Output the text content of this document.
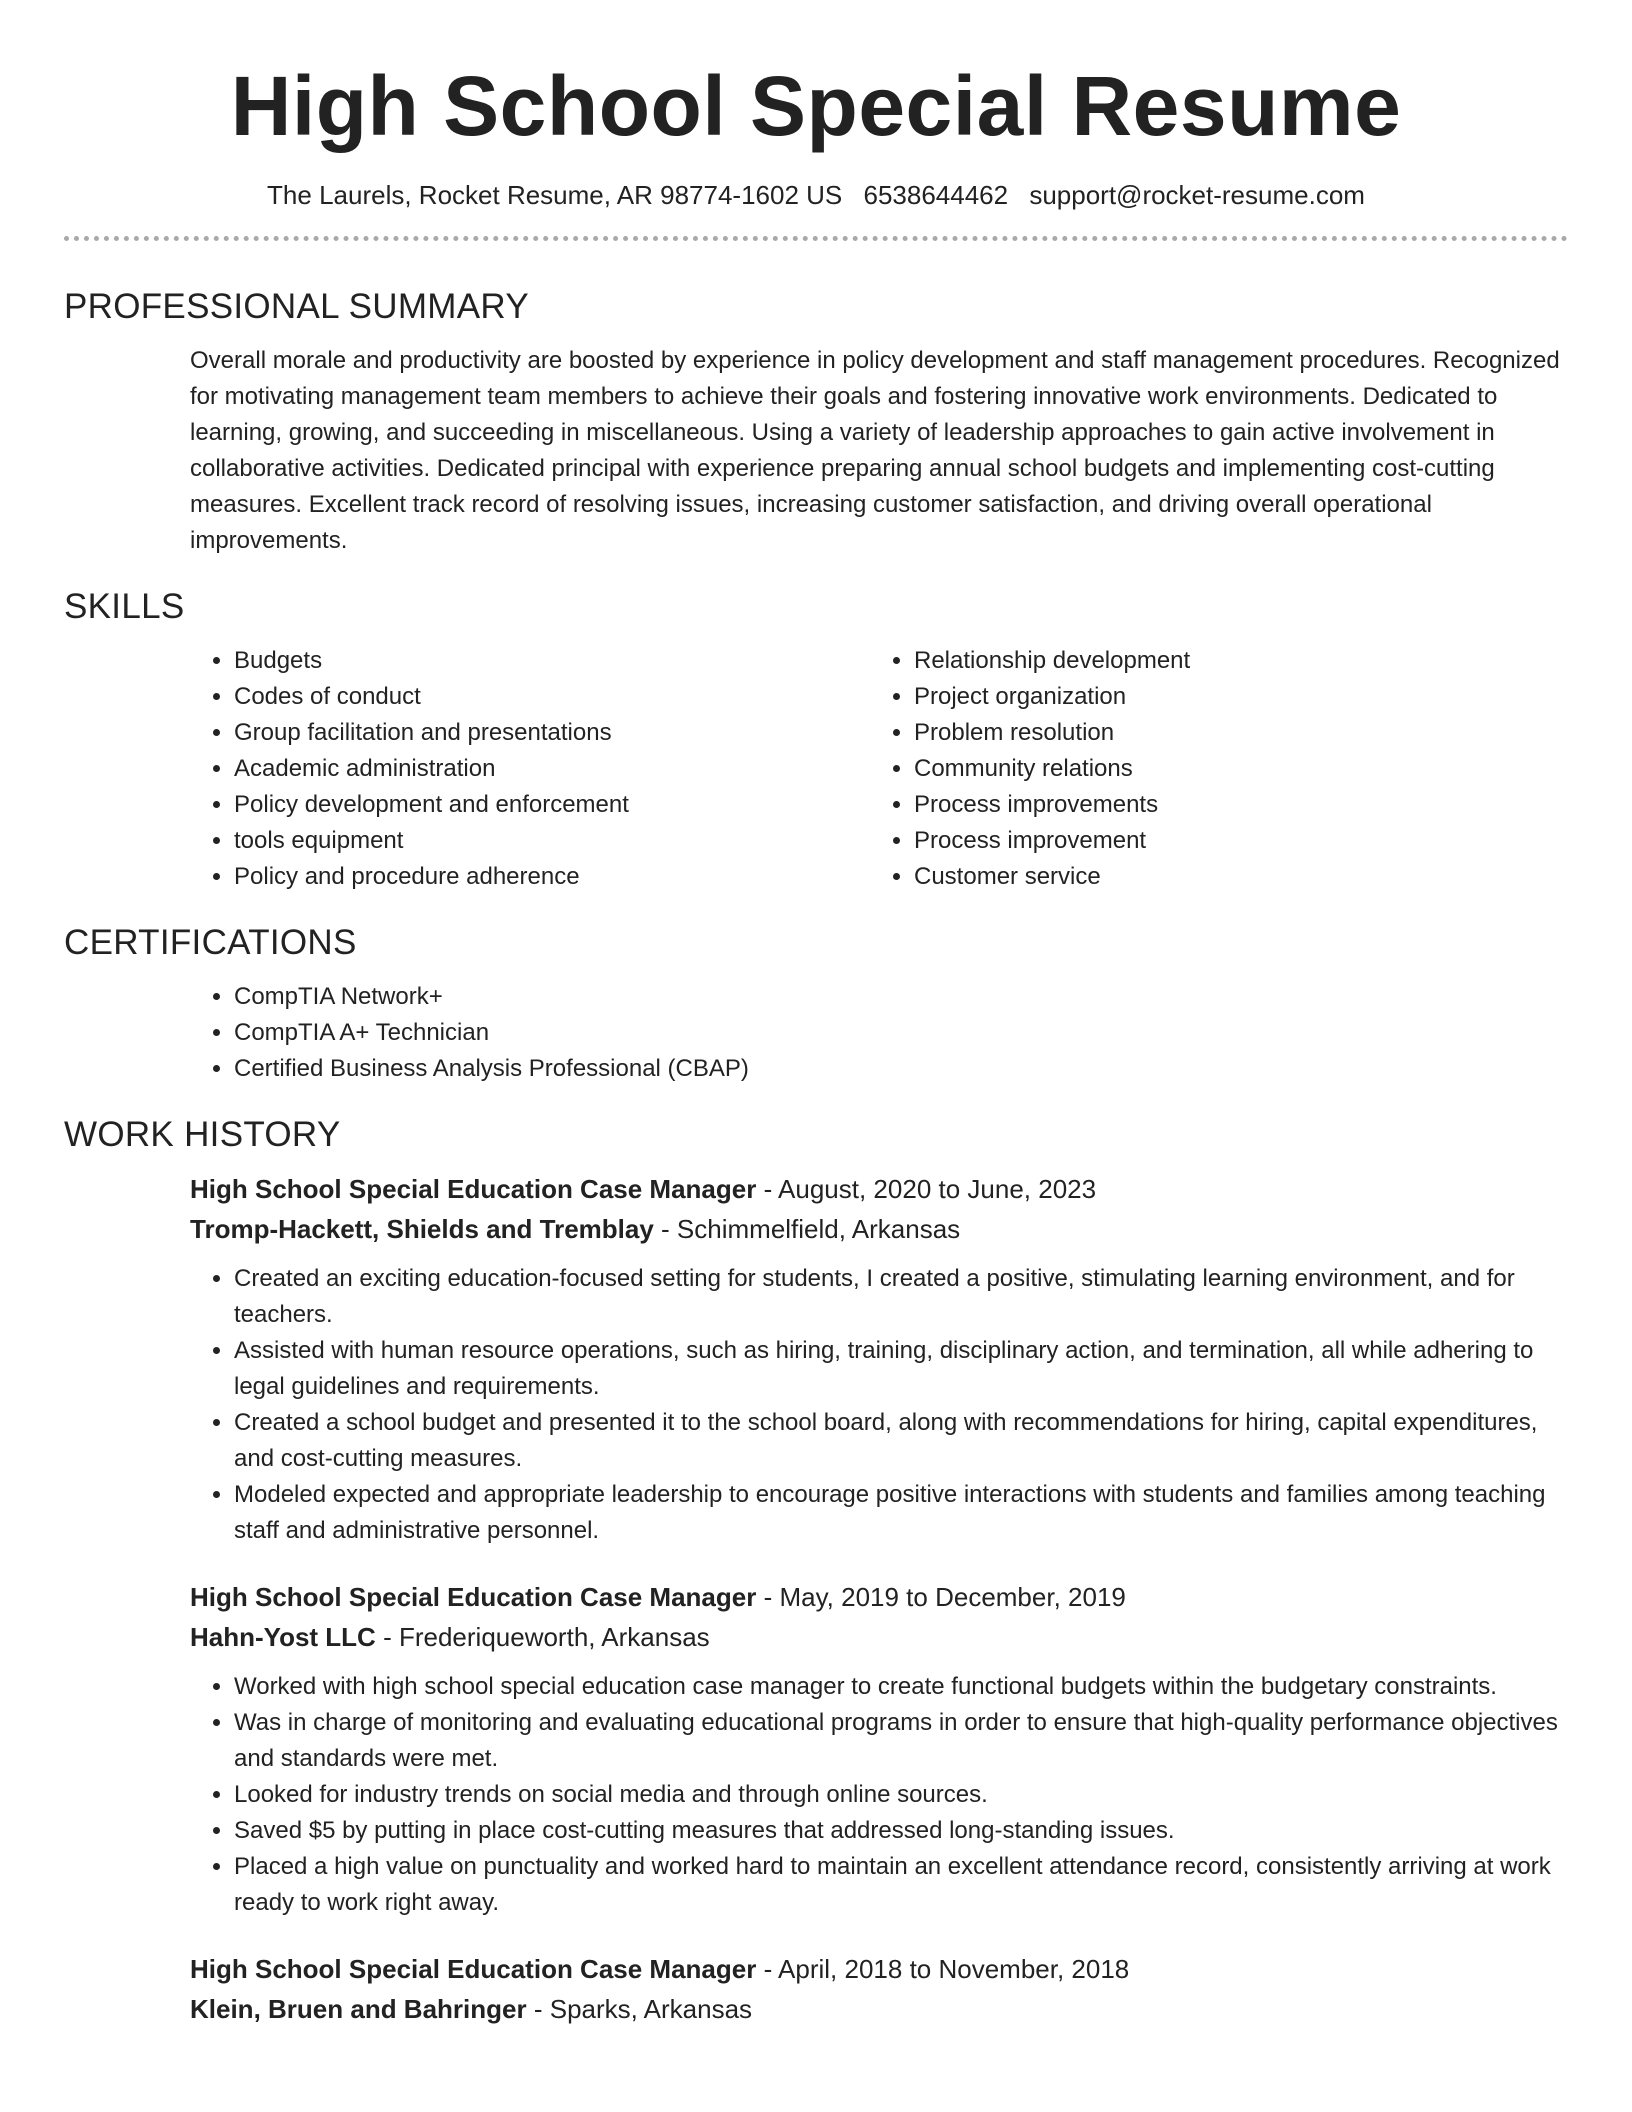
High School Special Resume
The Laurels, Rocket Resume, AR 98774-1602 US 6538644462 support@rocket-resume.com
PROFESSIONAL SUMMARY
Overall morale and productivity are boosted by experience in policy development and staff management procedures. Recognized for motivating management team members to achieve their goals and fostering innovative work environments. Dedicated to learning, growing, and succeeding in miscellaneous. Using a variety of leadership approaches to gain active involvement in collaborative activities. Dedicated principal with experience preparing annual school budgets and implementing cost-cutting measures. Excellent track record of resolving issues, increasing customer satisfaction, and driving overall operational improvements.
SKILLS
• Budgets
• Codes of conduct
• Group facilitation and presentations
• Academic administration
• Policy development and enforcement
• tools equipment
• Policy and procedure adherence
• Relationship development
• Project organization
• Problem resolution
• Community relations
• Process improvements
• Process improvement
• Customer service
CERTIFICATIONS
• CompTIA Network+
• CompTIA A+ Technician
• Certified Business Analysis Professional (CBAP)
WORK HISTORY
High School Special Education Case Manager - August, 2020 to June, 2023
Tromp-Hackett, Shields and Tremblay - Schimmelfield, Arkansas
• Created an exciting education-focused setting for students, I created a positive, stimulating learning environment, and for teachers.
• Assisted with human resource operations, such as hiring, training, disciplinary action, and termination, all while adhering to legal guidelines and requirements.
• Created a school budget and presented it to the school board, along with recommendations for hiring, capital expenditures, and cost-cutting measures.
• Modeled expected and appropriate leadership to encourage positive interactions with students and families among teaching staff and administrative personnel.
High School Special Education Case Manager - May, 2019 to December, 2019
Hahn-Yost LLC - Frederiqueworth, Arkansas
• Worked with high school special education case manager to create functional budgets within the budgetary constraints.
• Was in charge of monitoring and evaluating educational programs in order to ensure that high-quality performance objectives and standards were met.
• Looked for industry trends on social media and through online sources.
• Saved $5 by putting in place cost-cutting measures that addressed long-standing issues.
• Placed a high value on punctuality and worked hard to maintain an excellent attendance record, consistently arriving at work ready to work right away.
High School Special Education Case Manager - April, 2018 to November, 2018
Klein, Bruen and Bahringer - Sparks, Arkansas
